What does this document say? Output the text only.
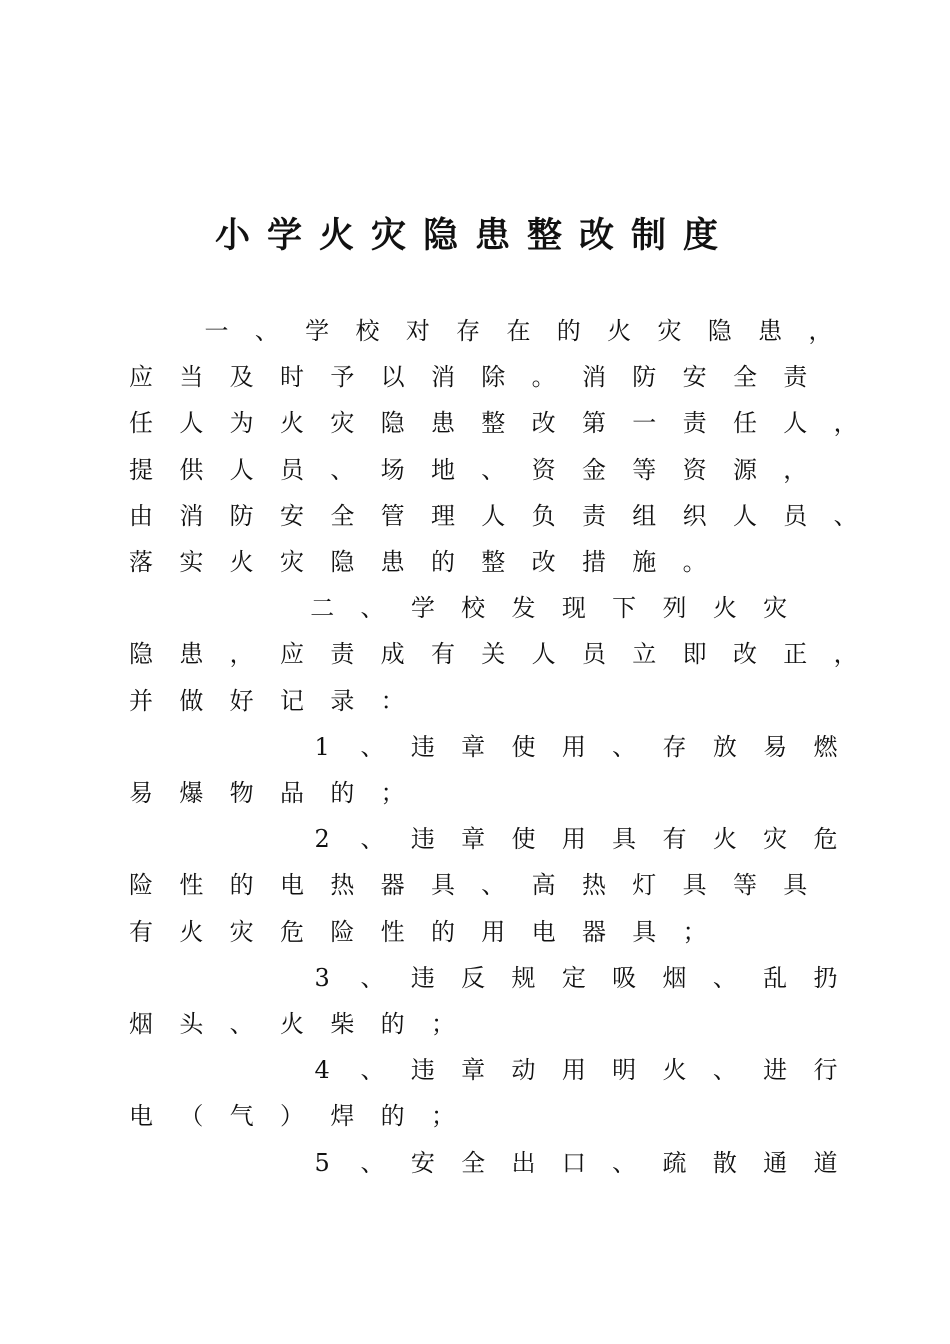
小学火灾隐患整改制度
一 、 学 校 对 存 在 的 火 灾 隐 患 ，
应 当 及 时 予 以 消 除 。 消 防 安 全 责
任 人 为 火 灾 隐 患 整 改 第 一 责 任 人 ，
提 供 人 员 、 场 地 、 资 金 等 资 源 ，
由 消 防 安 全 管 理 人 负 责 组 织 人 员 、
落 实 火 灾 隐 患 的 整 改 措 施 。
二 、 学 校 发 现 下 列 火 灾
隐 患 ， 应 责 成 有 关 人 员 立 即 改 正 ，
并 做 好 记 录 ：
1	、 违 章 使 用 、 存 放 易 燃
易 爆 物 品 的 ；
2	、 违 章 使 用 具 有 火 灾 危
险 性 的 电 热 器 具 、 高 热 灯 具 等 具
有 火 灾 危 险 性 的 用 电 器 具 ；
3	、 违 反 规 定 吸 烟 、 乱 扔
烟 头 、 火 柴 的 ；
4	、 违 章 动 用 明 火 、 进 行
电 （ 气 ） 焊 的 ；
5	、 安 全 出 口 、 疏 散 通 道
